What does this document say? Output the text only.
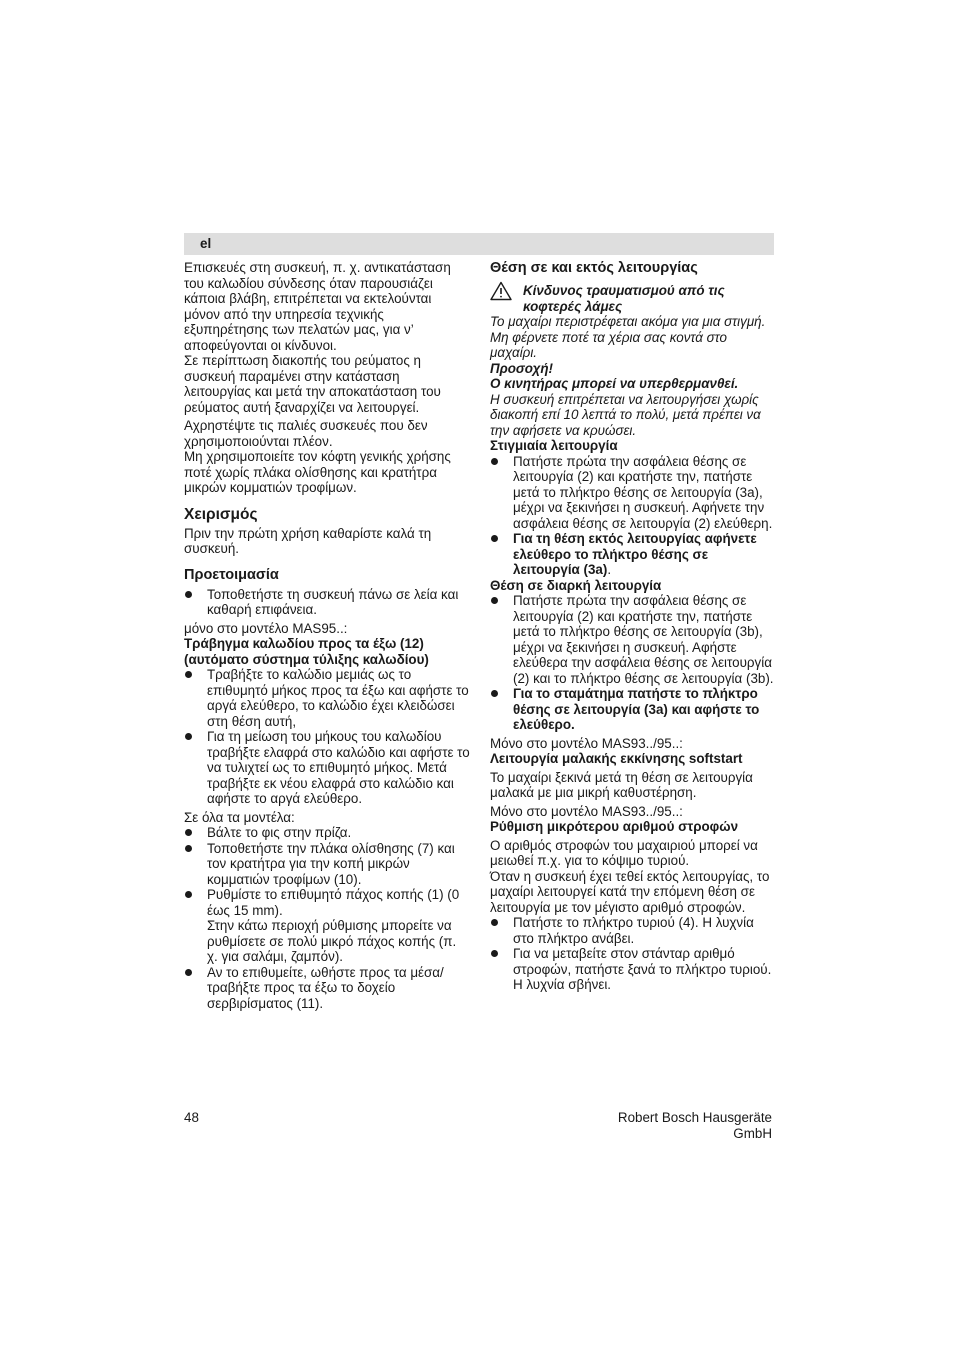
el

Επισκευές στη συσκευή, π. χ. αντικατάσταση του καλωδίου σύνδεσης όταν παρουσιάζει κάποια βλάβη, επιτρέπεται να εκτελούνται μόνον από την υπηρεσία τεχνικής εξυπηρέτησης των πελατών μας, για ν’ αποφεύγονται οι κίνδυνοι.

Σε περίπτωση διακοπής του ρεύματος η συσκευή παραμένει στην κατάσταση λειτουργίας και μετά την αποκατάσταση του ρεύματος αυτή ξαναρχίζει να λειτουργεί.

Αχρηστέψτε τις παλιές συσκευές που δεν χρησιμοποιούνται πλέον.

Μη χρησιμοποιείτε τον κόφτη γενικής χρήσης ποτέ χωρίς πλάκα ολίσθησης και κρατήτρα μικρών κομματιών τροφίμων.

Χειρισμός

Πριν την πρώτη χρήση καθαρίστε καλά τη συσκευή.

Προετοιμασία
Τοποθετήστε τη συσκευή πάνω σε λεία και καθαρή επιφάνεια.

μόνο στο μοντέλο MAS95..:

Τράβηγμα καλωδίου προς τα έξω (12) (αυτόματο σύστημα τύλιξης καλωδίου)

Τραβήξτε το καλώδιο μεμιάς ως το επιθυμητό μήκος προς τα έξω και αφήστε το αργά ελεύθερο, το καλώδιο έχει κλειδώσει στη θέση αυτή,
Για τη μείωση του μήκους του καλωδίου τραβήξτε ελαφρά στο καλώδιο και αφήστε το να τυλιχτεί ως το επιθυμητό μήκος. Μετά τραβήξτε εκ νέου ελαφρά στο καλώδιο και αφήστε το αργά ελεύθερο.

Σε όλα τα μοντέλα:

Βάλτε το φις στην πρίζα.
Τοποθετήστε την πλάκα ολίσθησης (7) και τον κρατήτρα για την κοπή μικρών κομματιών τροφίμων (10).
Ρυθμίστε το επιθυμητό πάχος κοπής (1) (0 έως 15 mm).
Στην κάτω περιοχή ρύθμισης μπορείτε να ρυθμίσετε σε πολύ μικρό πάχος κοπής (π. χ. για σαλάμι, ζαμπόν).
Αν το επιθυμείτε, ωθήστε προς τα μέσα/ τραβήξτε προς τα έξω το δοχείο σερβιρίσματος (11).
Θέση σε και εκτός λειτουργίας

Κίνδυνος τραυματισμού από τις κοφτερές λάμες

Το μαχαίρι περιστρέφεται ακόμα για μια στιγμή. Μη φέρνετε ποτέ τα χέρια σας κοντά στο μαχαίρι.

Προσοχή!

Ο κινητήρας μπορεί να υπερθερμανθεί.

Η συσκευή επιτρέπεται να λειτουργήσει χωρίς διακοπή επί 10 λεπτά το πολύ, μετά πρέπει να την αφήσετε να κρυώσει.

Στιγμιαία λειτουργία

Πατήστε πρώτα την ασφάλεια θέσης σε λειτουργία (2) και κρατήστε την, πατήστε μετά το πλήκτρο θέσης σε λειτουργία (3a), μέχρι να ξεκινήσει η συσκευή. Αφήνετε την ασφάλεια θέσης σε λειτουργία (2) ελεύθερη.
Για τη θέση εκτός λειτουργίας αφήνετε ελεύθερο το πλήκτρο θέσης σε λειτουργία (3a).

Θέση σε διαρκή λειτουργία

Πατήστε πρώτα την ασφάλεια θέσης σε λειτουργία (2) και κρατήστε την, πατήστε μετά το πλήκτρο θέσης σε λειτουργία (3b), μέχρι να ξεκινήσει η συσκευή. Αφήστε ελεύθερα την ασφάλεια θέσης σε λειτουργία (2) και το πλήκτρο θέσης σε λειτουργία (3b).
Για το σταμάτημα πατήστε το πλήκτρο θέσης σε λειτουργία (3a) και αφήστε το ελεύθερο.

Μόνο στο μοντέλο MAS93../95..:

Λειτουργία μαλακής εκκίνησης softstart

Το μαχαίρι ξεκινά μετά τη θέση σε λειτουργία μαλακά με μια μικρή καθυστέρηση.

Μόνο στο μοντέλο MAS93../95..:

Ρύθμιση μικρότερου αριθμού στροφών

Ο αριθμός στροφών του μαχαιριού μπορεί να μειωθεί π.χ. για το κόψιμο τυριού.

Όταν η συσκευή έχει τεθεί εκτός λειτουργίας, το μαχαίρι λειτουργεί κατά την επόμενη θέση σε λειτουργία με τον μέγιστο αριθμό στροφών.

Πατήστε το πλήκτρο τυριού (4). Η λυχνία στο πλήκτρο ανάβει.
Για να μεταβείτε στον στάνταρ αριθμό στροφών, πατήστε ξανά το πλήκτρο τυριού. Η λυχνία σβήνει.
48	Robert Bosch Hausgeräte GmbH
